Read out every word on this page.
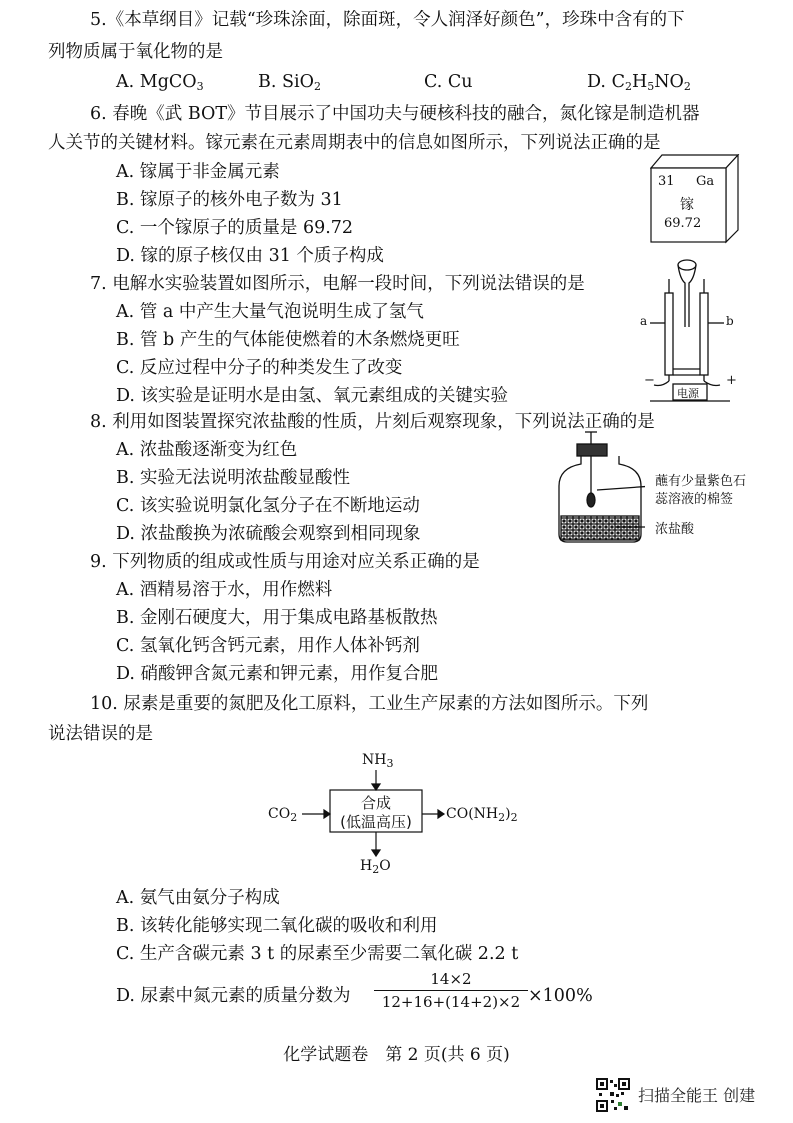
5.《本草纲目》记载“珍珠涂面，除面斑，令人润泽好颜色”，珍珠中含有的下
列物质属于氧化物的是
A. MgCO$_3$	B. SiO$_2$	C. Cu	D. $C_2H_5NO_2$
6. 春晚《武 BOT》节目展示了中国功夫与硬核科技的融合，氮化镓是制造机器
人关节的关键材料。镓元素在元素周期表中的信息如图所示，下列说法正确的是
A. 镓属于非金属元素
B. 镓原子的核外电子数为 31
C. 一个镓原子的质量是 69.72
D. 镓的原子核仅由 31 个质子构成
31 Ga
镓
69.72
7. 电解水实验装置如图所示，电解一段时间，下列说法错误的是
A. 管 a 中产生大量气泡说明生成了氢气
B. 管 b 产生的气体能使燃着的木条燃烧更旺
C. 反应过程中分子的种类发生了改变
D. 该实验是证明水是由氢、氧元素组成的关键实验
a	b
−	+
电源
8. 利用如图装置探究浓盐酸的性质，片刻后观察现象，下列说法正确的是
A. 浓盐酸逐渐变为红色
B. 实验无法说明浓盐酸显酸性
C. 该实验说明氯化氢分子在不断地运动
D. 浓盐酸换为浓硫酸会观察到相同现象
蘸有少量紫色石
蕊溶液的棉签
浓盐酸
9. 下列物质的组成或性质与用途对应关系正确的是
A. 酒精易溶于水，用作燃料
B. 金刚石硬度大，用于集成电路基板散热
C. 氢氧化钙含钙元素，用作人体补钙剂
D. 硝酸钾含氮元素和钾元素，用作复合肥
10. 尿素是重要的氮肥及化工原料，工业生产尿素的方法如图所示。下列
说法错误的是
$NH_3$
$CO_2$
合成
(低温高压)	$CO(NH_2)_2$
$H_2O$
A. 氨气由氨分子构成
B. 该转化能够实现二氧化碳的吸收和利用
C. 生产含碳元素 3 t 的尿素至少需要二氧化碳 2.2 t
D. 尿素中氮元素的质量分数为
14×2
12+16+(14+2)×2 ×100%
化学试题卷　第 2 页(共 6 页)
扫描全能王 创建
